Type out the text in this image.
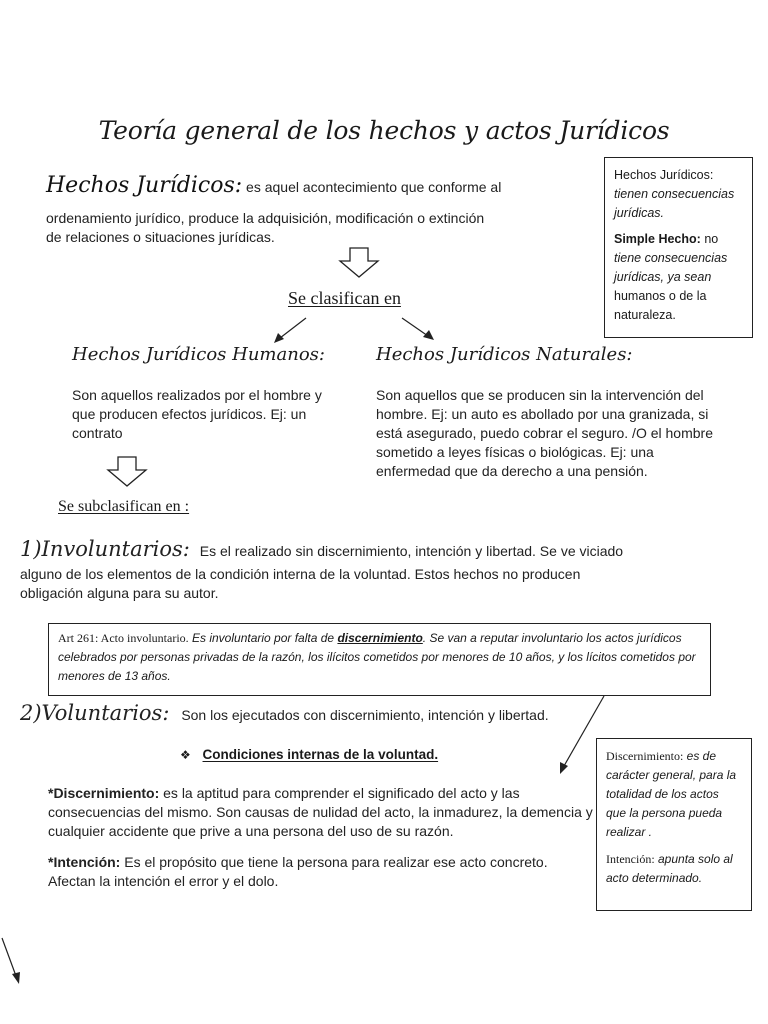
Teoría general de los hechos y actos Jurídicos
Hechos Jurídicos: es aquel acontecimiento que conforme al
ordenamiento jurídico, produce la adquisición, modificación o extinción
de relaciones o situaciones jurídicas.
Hechos Jurídicos:
tienen consecuencias jurídicas.
Simple Hecho: no tiene consecuencias jurídicas, ya sean humanos o de la naturaleza.
Se clasifican en
Hechos Jurídicos Humanos:
Son aquellos realizados por el hombre y que producen efectos jurídicos. Ej: un contrato
Hechos Jurídicos Naturales:
Son aquellos que se producen sin la intervención del hombre. Ej: un auto es abollado por una granizada, si está asegurado, puedo cobrar el seguro. /O el hombre sometido a leyes físicas o biológicas. Ej: una enfermedad que da derecho a una pensión.
Se subclasifican en :
1)Involuntarios: Es el realizado sin discernimiento, intención y libertad. Se ve viciado
alguno de los elementos de la condición interna de la voluntad. Estos hechos no producen
obligación alguna para su autor.
Art 261: Acto involuntario. Es involuntario por falta de discernimiento. Se van a reputar involuntario los actos jurídicos celebrados por personas privadas de la razón, los ilícitos cometidos por menores de 10 años, y los lícitos cometidos por menores de 13 años.
2)Voluntarios: Son los ejecutados con discernimiento, intención y libertad.
❖ Condiciones internas de la voluntad.
*Discernimiento: es la aptitud para comprender el significado del acto y las consecuencias del mismo. Son causas de nulidad del acto, la inmadurez, la demencia y cualquier accidente que prive a una persona del uso de su razón.
*Intención: Es el propósito que tiene la persona para realizar ese acto concreto. Afectan la intención el error y el dolo.
Discernimiento: es de carácter general, para la totalidad de los actos que la persona pueda realizar .
Intención: apunta solo al acto determinado.
